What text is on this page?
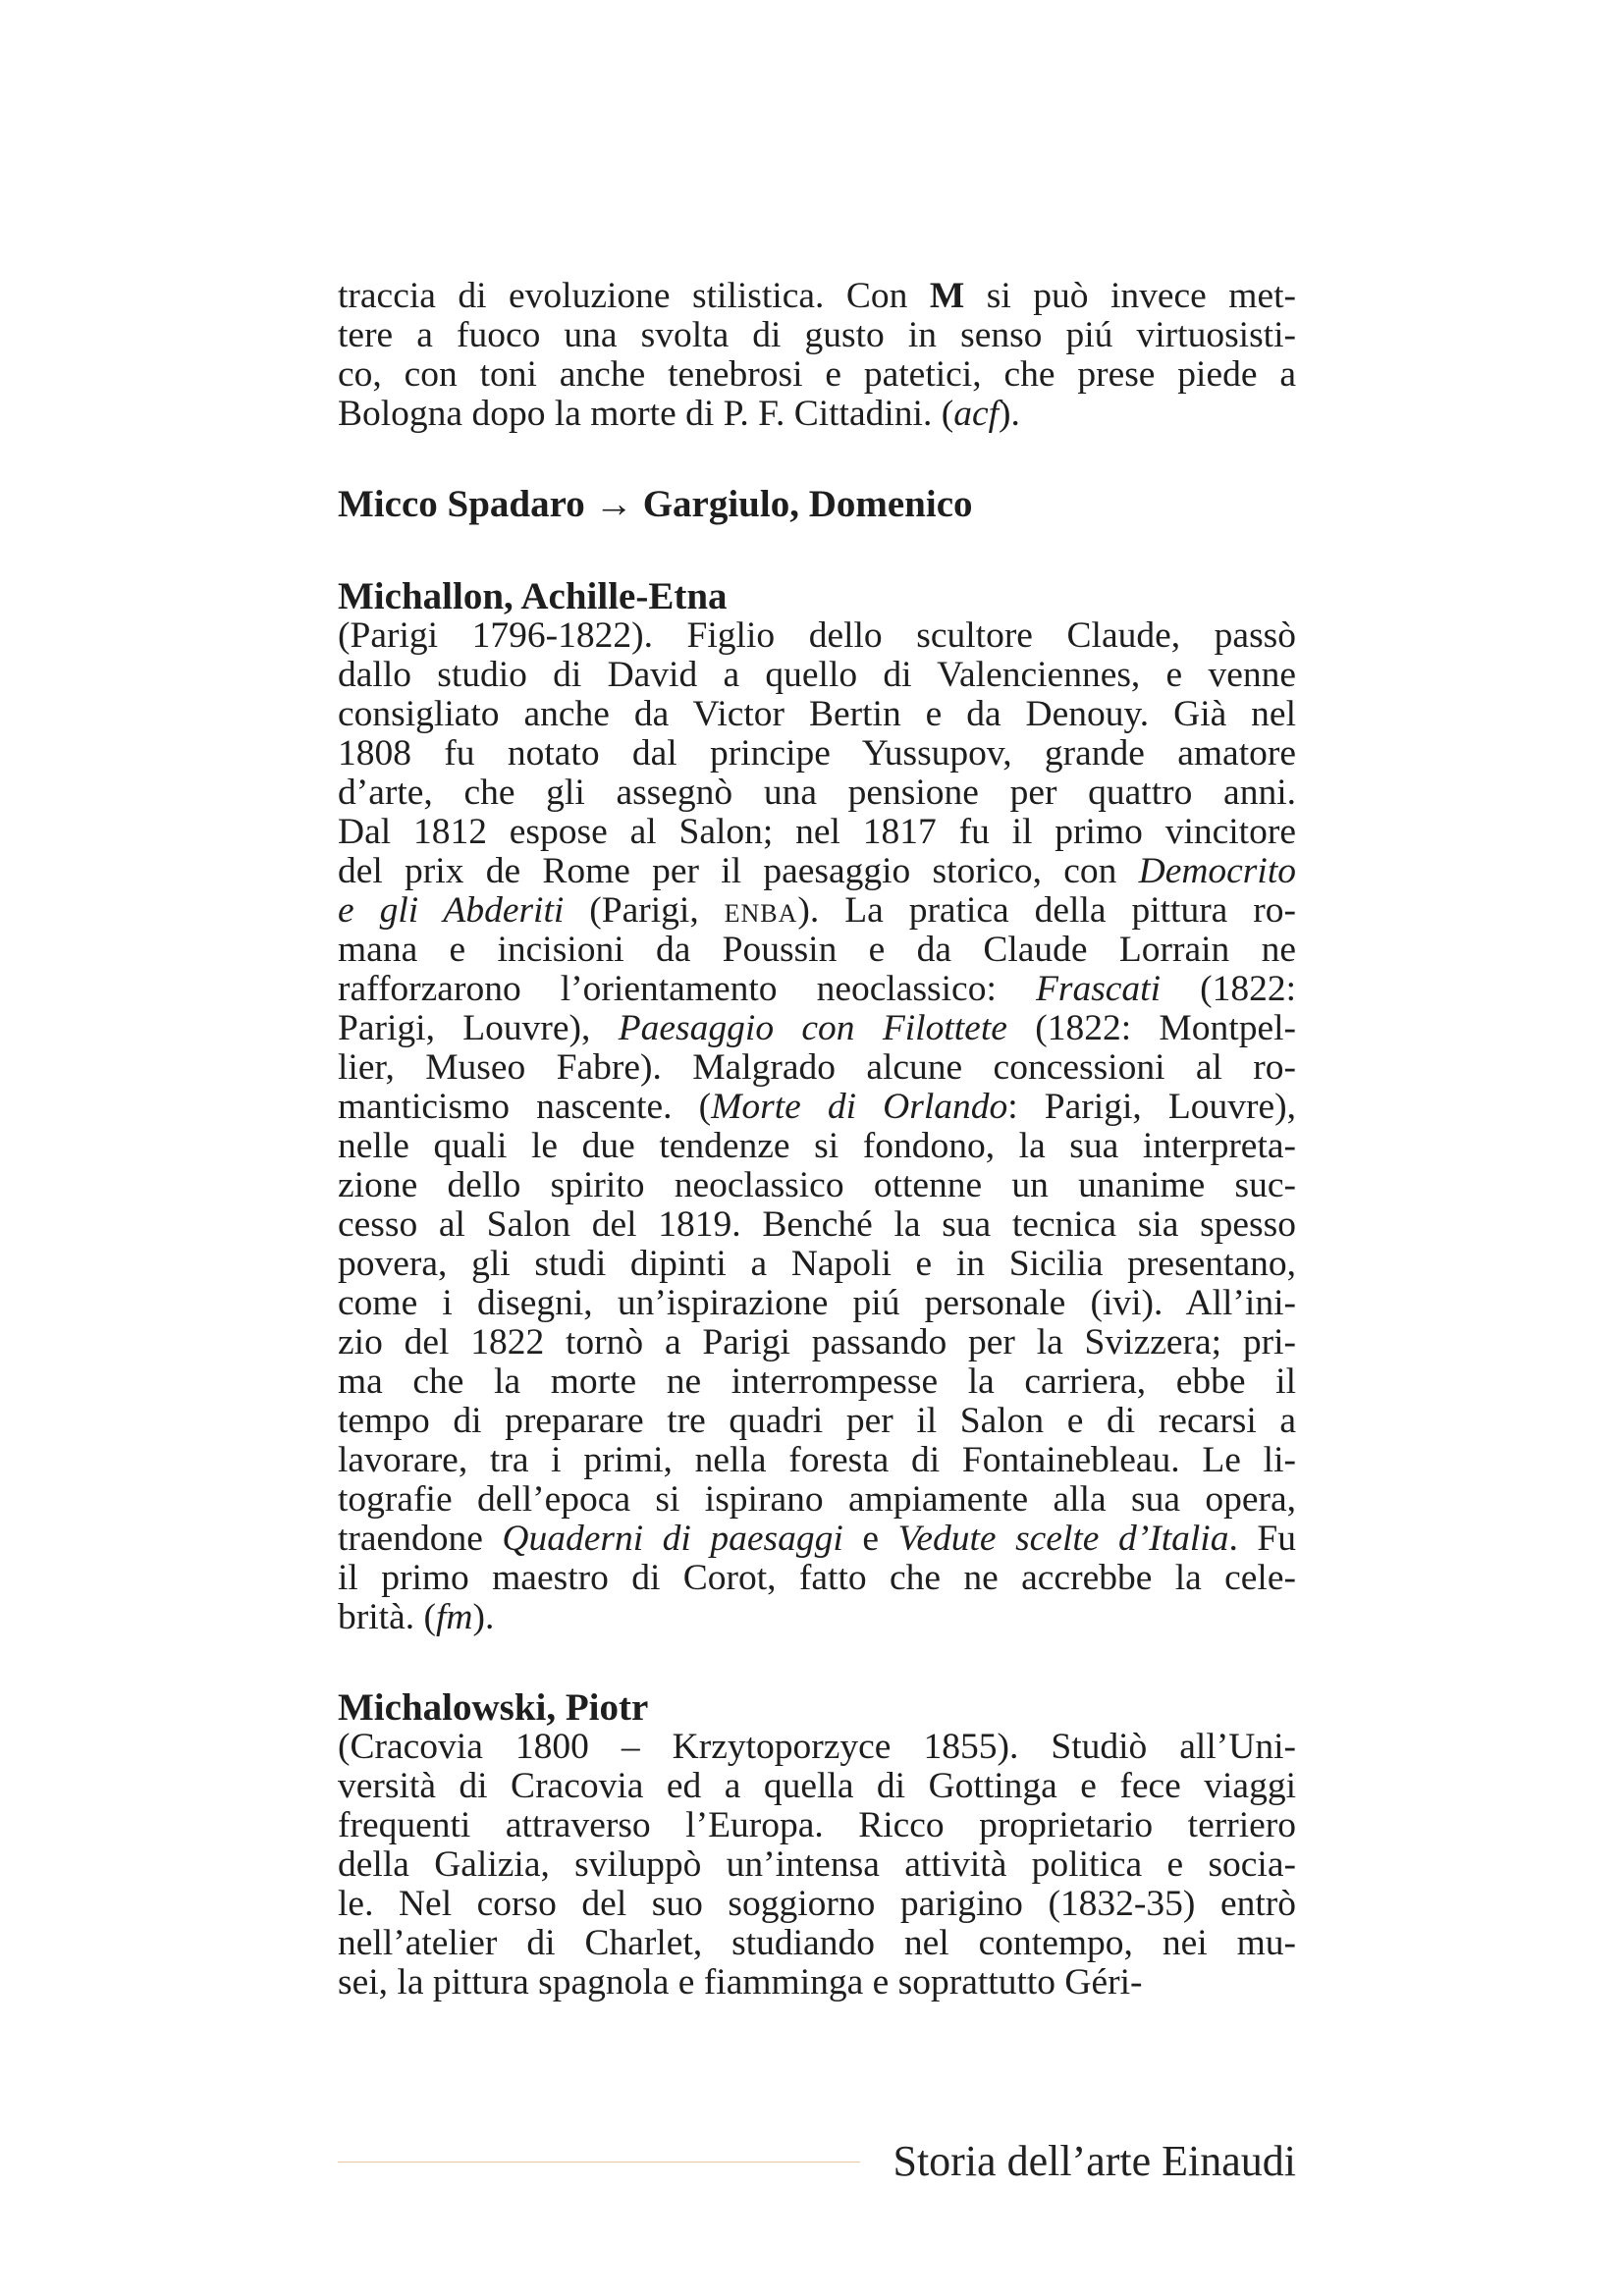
traccia di evoluzione stilistica. Con M si può invece met-
tere a fuoco una svolta di gusto in senso piú virtuosisti-
co, con toni anche tenebrosi e patetici, che prese piede a
Bologna dopo la morte di P. F. Cittadini. (acf).
Micco Spadaro → Gargiulo, Domenico
Michallon, Achille-Etna
(Parigi 1796-1822). Figlio dello scultore Claude, passò
dallo studio di David a quello di Valenciennes, e venne
consigliato anche da Victor Bertin e da Denouy. Già nel
1808 fu notato dal principe Yussupov, grande amatore
d’arte, che gli assegnò una pensione per quattro anni.
Dal 1812 espose al Salon; nel 1817 fu il primo vincitore
del prix de Rome per il paesaggio storico, con Democrito
e gli Abderiti (Parigi, enba). La pratica della pittura ro-
mana e incisioni da Poussin e da Claude Lorrain ne
rafforzarono l’orientamento neoclassico: Frascati (1822:
Parigi, Louvre), Paesaggio con Filottete (1822: Montpel-
lier, Museo Fabre). Malgrado alcune concessioni al ro-
manticismo nascente. (Morte di Orlando: Parigi, Louvre),
nelle quali le due tendenze si fondono, la sua interpreta-
zione dello spirito neoclassico ottenne un unanime suc-
cesso al Salon del 1819. Benché la sua tecnica sia spesso
povera, gli studi dipinti a Napoli e in Sicilia presentano,
come i disegni, un’ispirazione piú personale (ivi). All’ini-
zio del 1822 tornò a Parigi passando per la Svizzera; pri-
ma che la morte ne interrompesse la carriera, ebbe il
tempo di preparare tre quadri per il Salon e di recarsi a
lavorare, tra i primi, nella foresta di Fontainebleau. Le li-
tografie dell’epoca si ispirano ampiamente alla sua opera,
traendone Quaderni di paesaggi e Vedute scelte d’Italia. Fu
il primo maestro di Corot, fatto che ne accrebbe la cele-
brità. (fm).
Michalowski, Piotr
(Cracovia 1800 – Krzytoporzyce 1855). Studiò all’Uni-
versità di Cracovia ed a quella di Gottinga e fece viaggi
frequenti attraverso l’Europa. Ricco proprietario terriero
della Galizia, sviluppò un’intensa attività politica e socia-
le. Nel corso del suo soggiorno parigino (1832-35) entrò
nell’atelier di Charlet, studiando nel contempo, nei mu-
sei, la pittura spagnola e fiamminga e soprattutto Géri-
Storia dell’arte Einaudi
